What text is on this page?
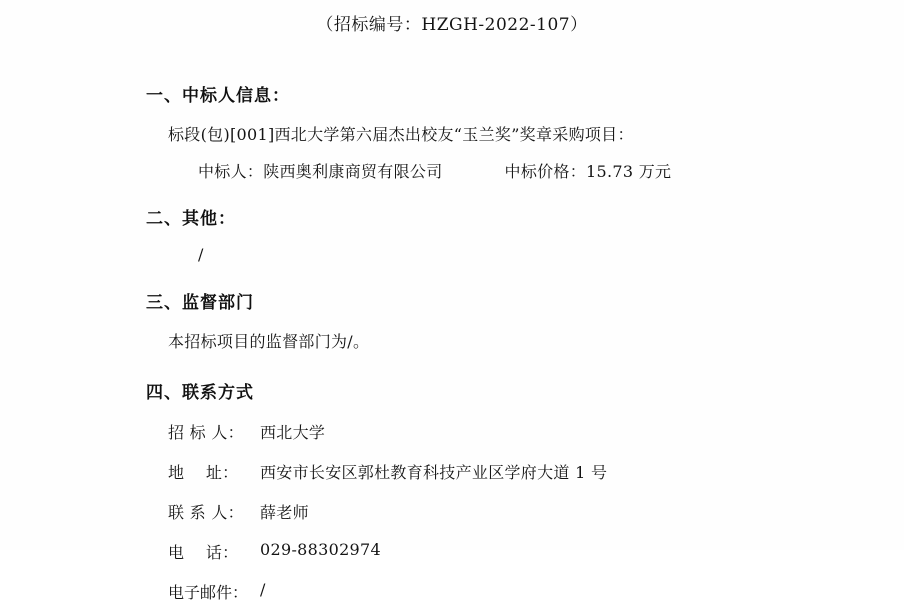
（招标编号：HZGH-2022-107）
一、中标人信息：
标段(包)[001]西北大学第六届杰出校友“玉兰奖”奖章采购项目：
中标人：陕西奥利康商贸有限公司	中标价格：15.73 万元
二、其他：
/
三、监督部门
本招标项目的监督部门为/。
四、联系方式
招 标 人：	西北大学
地    址：	西安市长安区郭杜教育科技产业区学府大道 1 号
联 系 人：	薛老师
电    话：	029-88302974
电子邮件： /
